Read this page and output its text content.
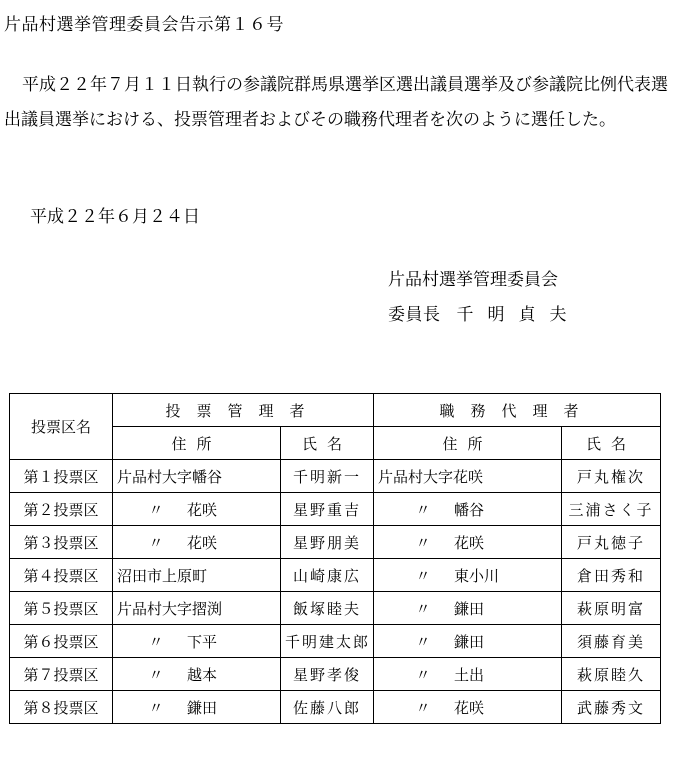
片品村選挙管理委員会告示第１６号
平成２２年７月１１日執行の参議院群馬県選挙区選出議員選挙及び参議院比例代表選出議員選挙における、投票管理者およびその職務代理者を次のように選任した。
平成２２年６月２４日
片品村選挙管理委員会
委員長 千明貞夫
投票区名	投票管理者		職務代理者	
	住所	氏名	住所	氏名
第１投票区	片品村大字幡谷	千明新一	片品村大字花咲	戸丸権次
第２投票区	〃 花咲	星野重吉	〃 幡谷	三浦さく子
第３投票区	〃 花咲	星野朋美	〃 花咲	戸丸徳子
第４投票区	沼田市上原町	山崎康広	〃 東小川	倉田秀和
第５投票区	片品村大字摺渕	飯塚睦夫	〃 鎌田	萩原明富
第６投票区	〃 下平	千明建太郎	〃 鎌田	須藤育美
第７投票区	〃 越本	星野孝俊	〃 土出	萩原睦久
第８投票区	〃 鎌田	佐藤八郎	〃 花咲	武藤秀文
